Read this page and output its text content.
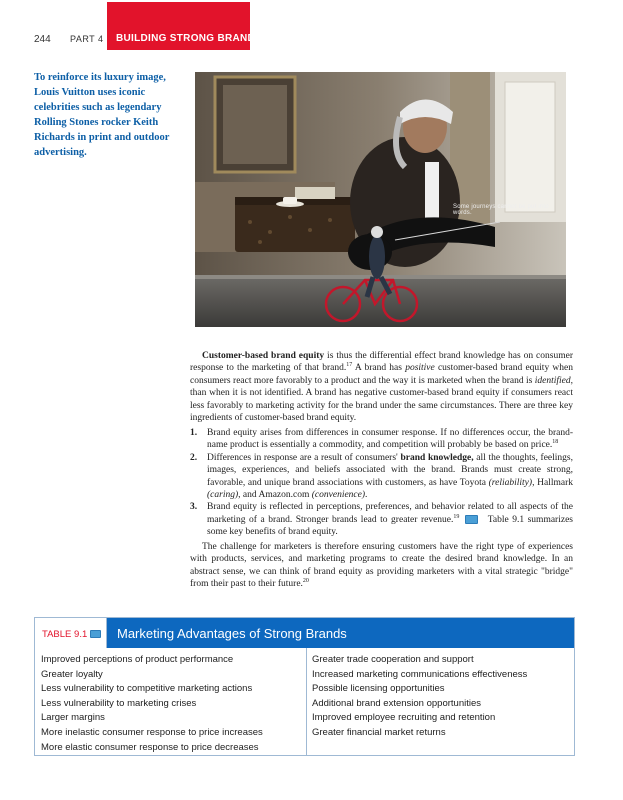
244 PART 4 BUILDING STRONG BRANDS
To reinforce its luxury image, Louis Vuitton uses iconic celebrities such as legendary Rolling Stones rocker Keith Richards in print and outdoor advertising.
Some journeys cannot be put into words.
Customer-based brand equity is thus the differential effect brand knowledge has on consumer response to the marketing of that brand.$^{17}$ A brand has positive customer-based brand equity when consumers react more favorably to a product and the way it is marketed when the brand is identified, than when it is not identified. A brand has negative customer-based brand equity if consumers react less favorably to marketing activity for the brand under the same circumstances. There are three key ingredients of customer-based brand equity.
1. Brand equity arises from differences in consumer response. If no differences occur, the brand-name product is essentially a commodity, and competition will probably be based on price.$^{18}$
2. Differences in response are a result of consumers' brand knowledge, all the thoughts, feelings, images, experiences, and beliefs associated with the brand. Brands must create strong, favorable, and unique brand associations with customers, as have Toyota (reliability), Hallmark (caring), and Amazon.com (convenience).
3. Brand equity is reflected in perceptions, preferences, and behavior related to all aspects of the marketing of a brand. Stronger brands lead to greater revenue.$^{19}$	Table 9.1 summarizes some key benefits of brand equity.
The challenge for marketers is therefore ensuring customers have the right type of experiences with products, services, and marketing programs to create the desired brand knowledge. In an abstract sense, we can think of brand equity as providing marketers with a vital strategic "bridge" from their past to their future.$^{20}$
TABLE 9.1	Marketing Advantages of Strong Brands
Improved perceptions of product performance
Greater loyalty
Less vulnerability to competitive marketing actions
Less vulnerability to marketing crises
Larger margins
More inelastic consumer response to price increases
More elastic consumer response to price decreases
Greater trade cooperation and support
Increased marketing communications effectiveness
Possible licensing opportunities
Additional brand extension opportunities
Improved employee recruiting and retention
Greater financial market returns
